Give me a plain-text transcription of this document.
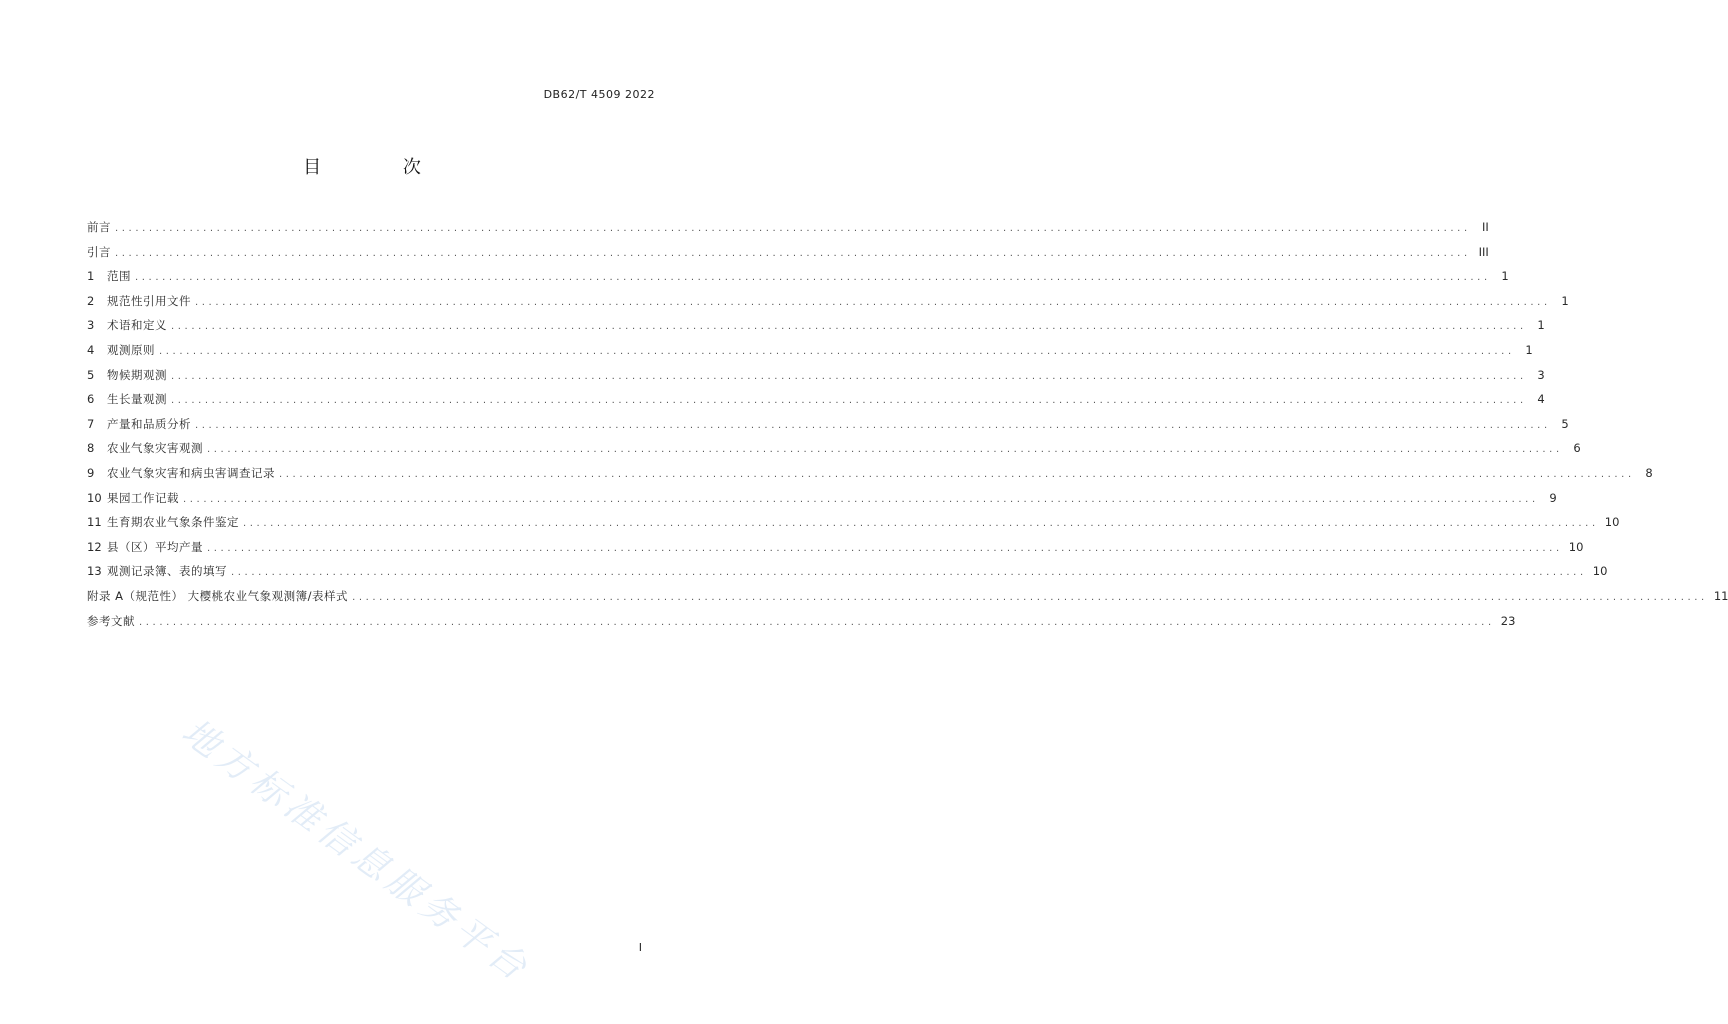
DB62/T 4509 2022
目 次
前言 ........................................................................................................................................................................................................ II
引言 ........................................................................................................................................................................................................ III
1	范围 ........................................................................................................................................................................................................ 1
2	规范性引用文件 ........................................................................................................................................................................................................ 1
3	术语和定义 ........................................................................................................................................................................................................ 1
4	观测原则 ........................................................................................................................................................................................................ 1
5	物候期观测 ........................................................................................................................................................................................................ 3
6	生长量观测 ........................................................................................................................................................................................................ 4
7	产量和品质分析 ........................................................................................................................................................................................................ 5
8	农业气象灾害观测 ........................................................................................................................................................................................................ 6
9	农业气象灾害和病虫害调查记录 ........................................................................................................................................................................................................ 8
10 果园工作记载 ........................................................................................................................................................................................................ 9
11 生育期农业气象条件鉴定 ........................................................................................................................................................................................................ 10
12 县（区）平均产量 ........................................................................................................................................................................................................ 10
13 观测记录簿、表的填写 ........................................................................................................................................................................................................ 10
附录 A（规范性） 大樱桃农业气象观测簿/表样式 ........................................................................................................................................................................................................ 11
参考文献 ........................................................................................................................................................................................................ 23
地方标准信息服务平台	I
